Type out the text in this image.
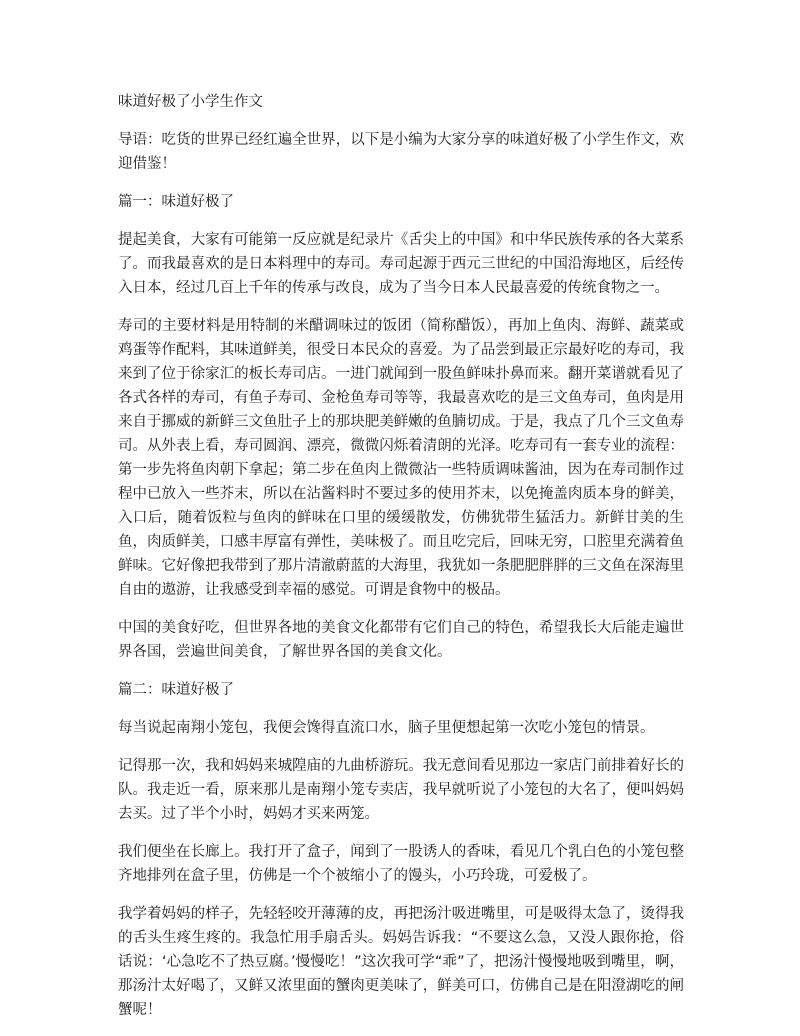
味道好极了小学生作文

导语：吃货的世界已经红遍全世界，以下是小编为大家分享的味道好极了小学生作文，欢迎借鉴！

篇一：味道好极了

提起美食，大家有可能第一反应就是纪录片《舌尖上的中国》和中华民族传承的各大菜系了。而我最喜欢的是日本料理中的寿司。寿司起源于西元三世纪的中国沿海地区，后经传入日本，经过几百上千年的传承与改良，成为了当今日本人民最喜爱的传统食物之一。

寿司的主要材料是用特制的米醋调味过的饭团（简称醋饭），再加上鱼肉、海鲜、蔬菜或鸡蛋等作配料，其味道鲜美，很受日本民众的喜爱。为了品尝到最正宗最好吃的寿司，我来到了位于徐家汇的板长寿司店。一进门就闻到一股鱼鲜味扑鼻而来。翻开菜谱就看见了各式各样的寿司，有鱼子寿司、金枪鱼寿司等等，我最喜欢吃的是三文鱼寿司，鱼肉是用来自于挪威的新鲜三文鱼肚子上的那块肥美鲜嫩的鱼腩切成。于是，我点了几个三文鱼寿司。从外表上看，寿司圆润、漂亮，微微闪烁着清朗的光泽。吃寿司有一套专业的流程：第一步先将鱼肉朝下拿起；第二步在鱼肉上微微沾一些特质调味酱油，因为在寿司制作过程中已放入一些芥末，所以在沾酱料时不要过多的使用芥末，以免掩盖肉质本身的鲜美，入口后，随着饭粒与鱼肉的鲜味在口里的缓缓散发，仿佛犹带生猛活力。新鲜甘美的生鱼，肉质鲜美，口感丰厚富有弹性，美味极了。而且吃完后，回味无穷，口腔里充满着鱼鲜味。它好像把我带到了那片清澈蔚蓝的大海里，我犹如一条肥肥胖胖的三文鱼在深海里自由的遨游，让我感受到幸福的感觉。可谓是食物中的极品。

中国的美食好吃，但世界各地的美食文化都带有它们自己的特色，希望我长大后能走遍世界各国，尝遍世间美食，了解世界各国的美食文化。

篇二：味道好极了

每当说起南翔小笼包，我便会馋得直流口水，脑子里便想起第一次吃小笼包的情景。

记得那一次，我和妈妈来城隍庙的九曲桥游玩。我无意间看见那边一家店门前排着好长的队。我走近一看，原来那儿是南翔小笼专卖店，我早就听说了小笼包的大名了，便叫妈妈去买。过了半个小时，妈妈才买来两笼。

我们便坐在长廊上。我打开了盒子，闻到了一股诱人的香味，看见几个乳白色的小笼包整齐地排列在盒子里，仿佛是一个个被缩小了的馒头，小巧玲珑，可爱极了。

我学着妈妈的样子，先轻轻咬开薄薄的皮，再把汤汁吸进嘴里，可是吸得太急了，烫得我的舌头生疼生疼的。我急忙用手扇舌头。妈妈告诉我：“不要这么急，又没人跟你抢，俗话说：‘心急吃不了热豆腐。’慢慢吃！”这次我可学“乖”了，把汤汁慢慢地吸到嘴里，啊，那汤汁太好喝了，又鲜又浓里面的蟹肉更美味了，鲜美可口，仿佛自己是在阳澄湖吃的闸蟹呢！
